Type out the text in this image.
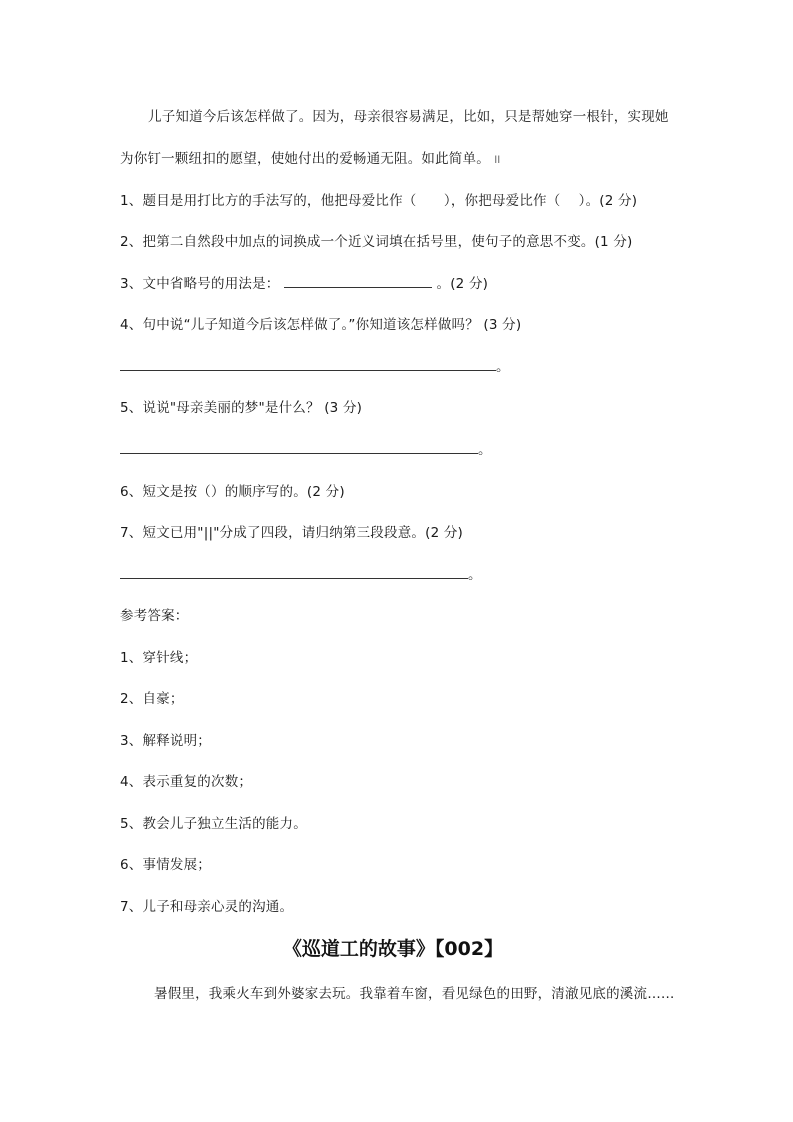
儿子知道今后该怎样做了。因为，母亲很容易满足，比如，只是帮她穿一根针，实现她
为你钉一颗纽扣的愿望，使她付出的爱畅通无阻。如此简单。 ll
1、题目是用打比方的手法写的，他把母爱比作（　　），你把母爱比作（　 ）。(2 分)
2、把第二自然段中加点的词换成一个近义词填在括号里，使句子的意思不变。(1 分)
3、文中省略号的用法是：	。(2 分)
4、句中说“儿子知道今后该怎样做了。”你知道该怎样做吗？ (3 分)
。
5、说说"母亲美丽的梦"是什么？ (3 分)
。
6、短文是按（）的顺序写的。(2 分)
7、短文已用"||"分成了四段，请归纳第三段段意。(2 分)
。
参考答案：
1、穿针线；
2、自豪；
3、解释说明；
4、表示重复的次数；
5、教会儿子独立生活的能力。
6、事情发展；
7、儿子和母亲心灵的沟通。
《巡道工的故事》【002】
暑假里，我乘火车到外婆家去玩。我靠着车窗，看见绿色的田野，清澈见底的溪流……
